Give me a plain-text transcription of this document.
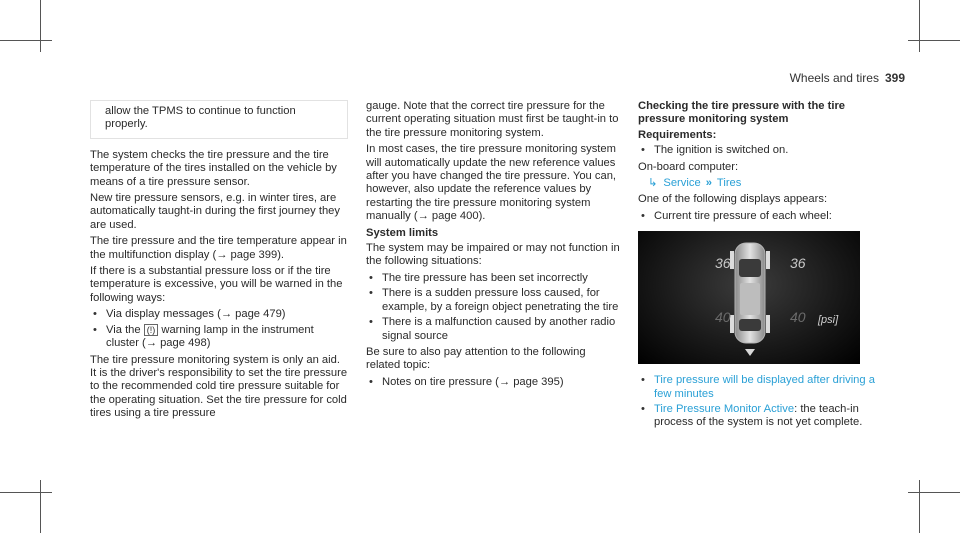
Wheels and tires 399

allow the TPMS to continue to function properly.

The system checks the tire pressure and the tire temperature of the tires installed on the vehicle by means of a tire pressure sensor.

New tire pressure sensors, e.g. in winter tires, are automatically taught-in during the first journey they are used.

The tire pressure and the tire temperature appear in the multifunction display (→ page 399).

If there is a substantial pressure loss or if the tire temperature is excessive, you will be warned in the following ways:

• Via display messages (→ page 479)
• Via the (!) warning lamp in the instrument cluster (→ page 498)

The tire pressure monitoring system is only an aid. It is the driver's responsibility to set the tire pressure to the recommended cold tire pressure suitable for the operating situation. Set the tire pressure for cold tires using a tire pressure

gauge. Note that the correct tire pressure for the current operating situation must first be taught-in to the tire pressure monitoring system.

In most cases, the tire pressure monitoring system will automatically update the new reference values after you have changed the tire pressure. You can, however, also update the reference values by restarting the tire pressure monitoring system manually (→ page 400).

System limits

The system may be impaired or may not function in the following situations:

• The tire pressure has been set incorrectly
• There is a sudden pressure loss caused, for example, by a foreign object penetrating the tire
• There is a malfunction caused by another radio signal source

Be sure to also pay attention to the following related topic:

• Notes on tire pressure (→ page 395)

Checking the tire pressure with the tire pressure monitoring system

Requirements:

• The ignition is switched on.

On-board computer:

↳ Service » Tires

One of the following displays appears:

• Current tire pressure of each wheel:
36	36
40	40 [psi]
• Tire pressure will be displayed after driving a few minutes
• Tire Pressure Monitor Active: the teach-in process of the system is not yet complete.
